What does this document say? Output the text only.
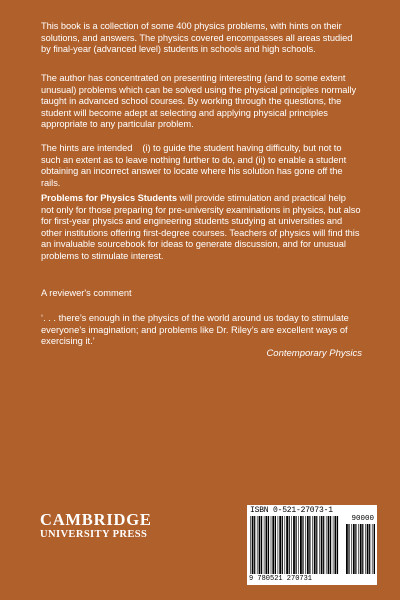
This book is a collection of some 400 physics problems, with hints on their solutions, and answers. The physics covered encompasses all areas studied by final-year (advanced level) students in schools and high schools.
The author has concentrated on presenting interesting (and to some extent unusual) problems which can be solved using the physical principles normally taught in advanced school courses. By working through the questions, the student will become adept at selecting and applying physical principles appropriate to any particular problem.
The hints are intended (i) to guide the student having difficulty, but not to such an extent as to leave nothing further to do, and (ii) to enable a student obtaining an incorrect answer to locate where his solution has gone off the rails.
Problems for Physics Students will provide stimulation and practical help not only for those preparing for pre-university examinations in physics, but also for first-year physics and engineering students studying at universities and other institutions offering first-degree courses. Teachers of physics will find this an invaluable sourcebook for ideas to generate discussion, and for unusual problems to stimulate interest.
A reviewer's comment
‘. . . there’s enough in the physics of the world around us today to stimulate everyone’s imagination; and problems like Dr. Riley’s are excellent ways of exercising it.’
Contemporary Physics
CAMBRIDGE
UNIVERSITY PRESS
ISBN 0-521-27073-1
90000
9 780521 270731
